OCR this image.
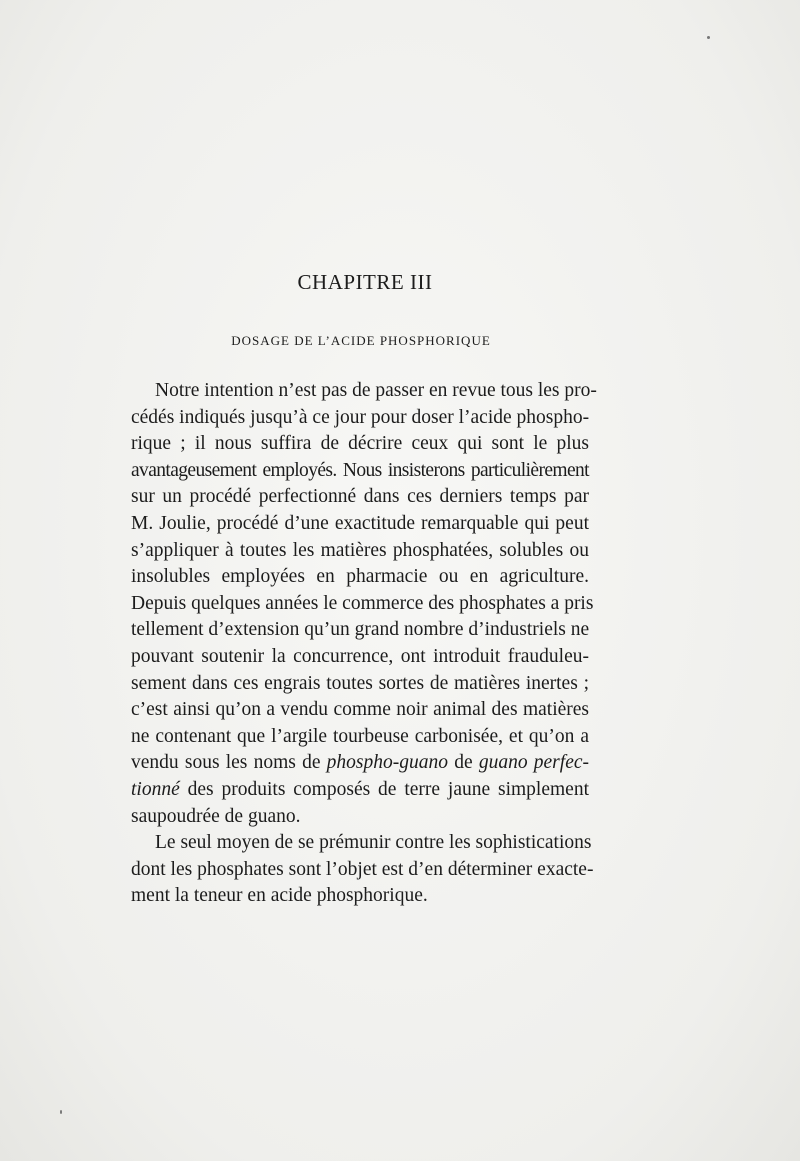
CHAPITRE III
DOSAGE DE L’ACIDE PHOSPHORIQUE
Notre intention n’est pas de passer en revue tous les pro-
cédés indiqués jusqu’à ce jour pour doser l’acide phospho-
rique ; il nous suffira de décrire ceux qui sont le plus
avantageusement employés. Nous insisterons particulièrement
sur un procédé perfectionné dans ces derniers temps par
M. Joulie, procédé d’une exactitude remarquable qui peut
s’appliquer à toutes les matières phosphatées, solubles ou
insolubles employées en pharmacie ou en agriculture.
Depuis quelques années le commerce des phosphates a pris
tellement d’extension qu’un grand nombre d’industriels ne
pouvant soutenir la concurrence, ont introduit frauduleu-
sement dans ces engrais toutes sortes de matières inertes ;
c’est ainsi qu’on a vendu comme noir animal des matières
ne contenant que l’argile tourbeuse carbonisée, et qu’on a
vendu sous les noms de phospho-guano de guano perfec-
tionné des produits composés de terre jaune simplement
saupoudrée de guano.
Le seul moyen de se prémunir contre les sophistications
dont les phosphates sont l’objet est d’en déterminer exacte-
ment la teneur en acide phosphorique.
